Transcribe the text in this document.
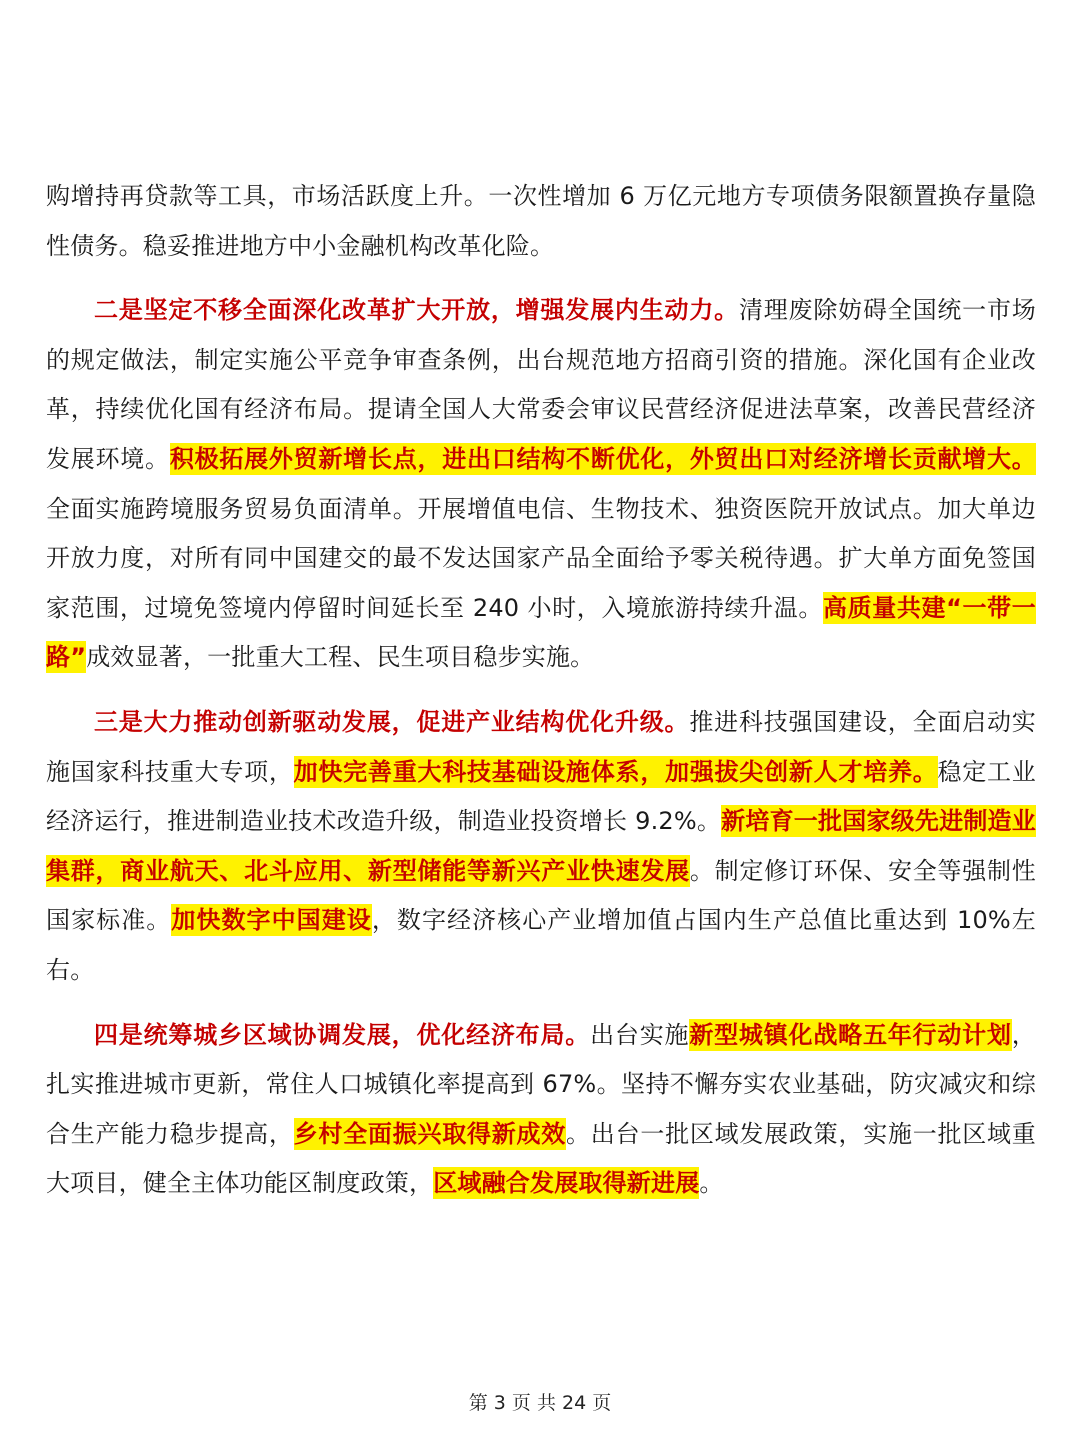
购增持再贷款等工具，市场活跃度上升。一次性增加 6 万亿元地方专项债务限额置换存量隐性债务。稳妥推进地方中小金融机构改革化险。

二是坚定不移全面深化改革扩大开放，增强发展内生动力。清理废除妨碍全国统一市场的规定做法，制定实施公平竞争审查条例，出台规范地方招商引资的措施。深化国有企业改革，持续优化国有经济布局。提请全国人大常委会审议民营经济促进法草案，改善民营经济发展环境。积极拓展外贸新增长点，进出口结构不断优化，外贸出口对经济增长贡献增大。全面实施跨境服务贸易负面清单。开展增值电信、生物技术、独资医院开放试点。加大单边开放力度，对所有同中国建交的最不发达国家产品全面给予零关税待遇。扩大单方面免签国家范围，过境免签境内停留时间延长至 240 小时，入境旅游持续升温。高质量共建“一带一路”成效显著，一批重大工程、民生项目稳步实施。

三是大力推动创新驱动发展，促进产业结构优化升级。推进科技强国建设，全面启动实施国家科技重大专项，加快完善重大科技基础设施体系，加强拔尖创新人才培养。稳定工业经济运行，推进制造业技术改造升级，制造业投资增长 9.2%。新培育一批国家级先进制造业集群，商业航天、北斗应用、新型储能等新兴产业快速发展。制定修订环保、安全等强制性国家标准。加快数字中国建设，数字经济核心产业增加值占国内生产总值比重达到 10%左右。

四是统筹城乡区域协调发展，优化经济布局。出台实施新型城镇化战略五年行动计划，扎实推进城市更新，常住人口城镇化率提高到 67%。坚持不懈夯实农业基础，防灾减灾和综合生产能力稳步提高，乡村全面振兴取得新成效。出台一批区域发展政策，实施一批区域重大项目，健全主体功能区制度政策，区域融合发展取得新进展。

第 3 页 共 24 页
